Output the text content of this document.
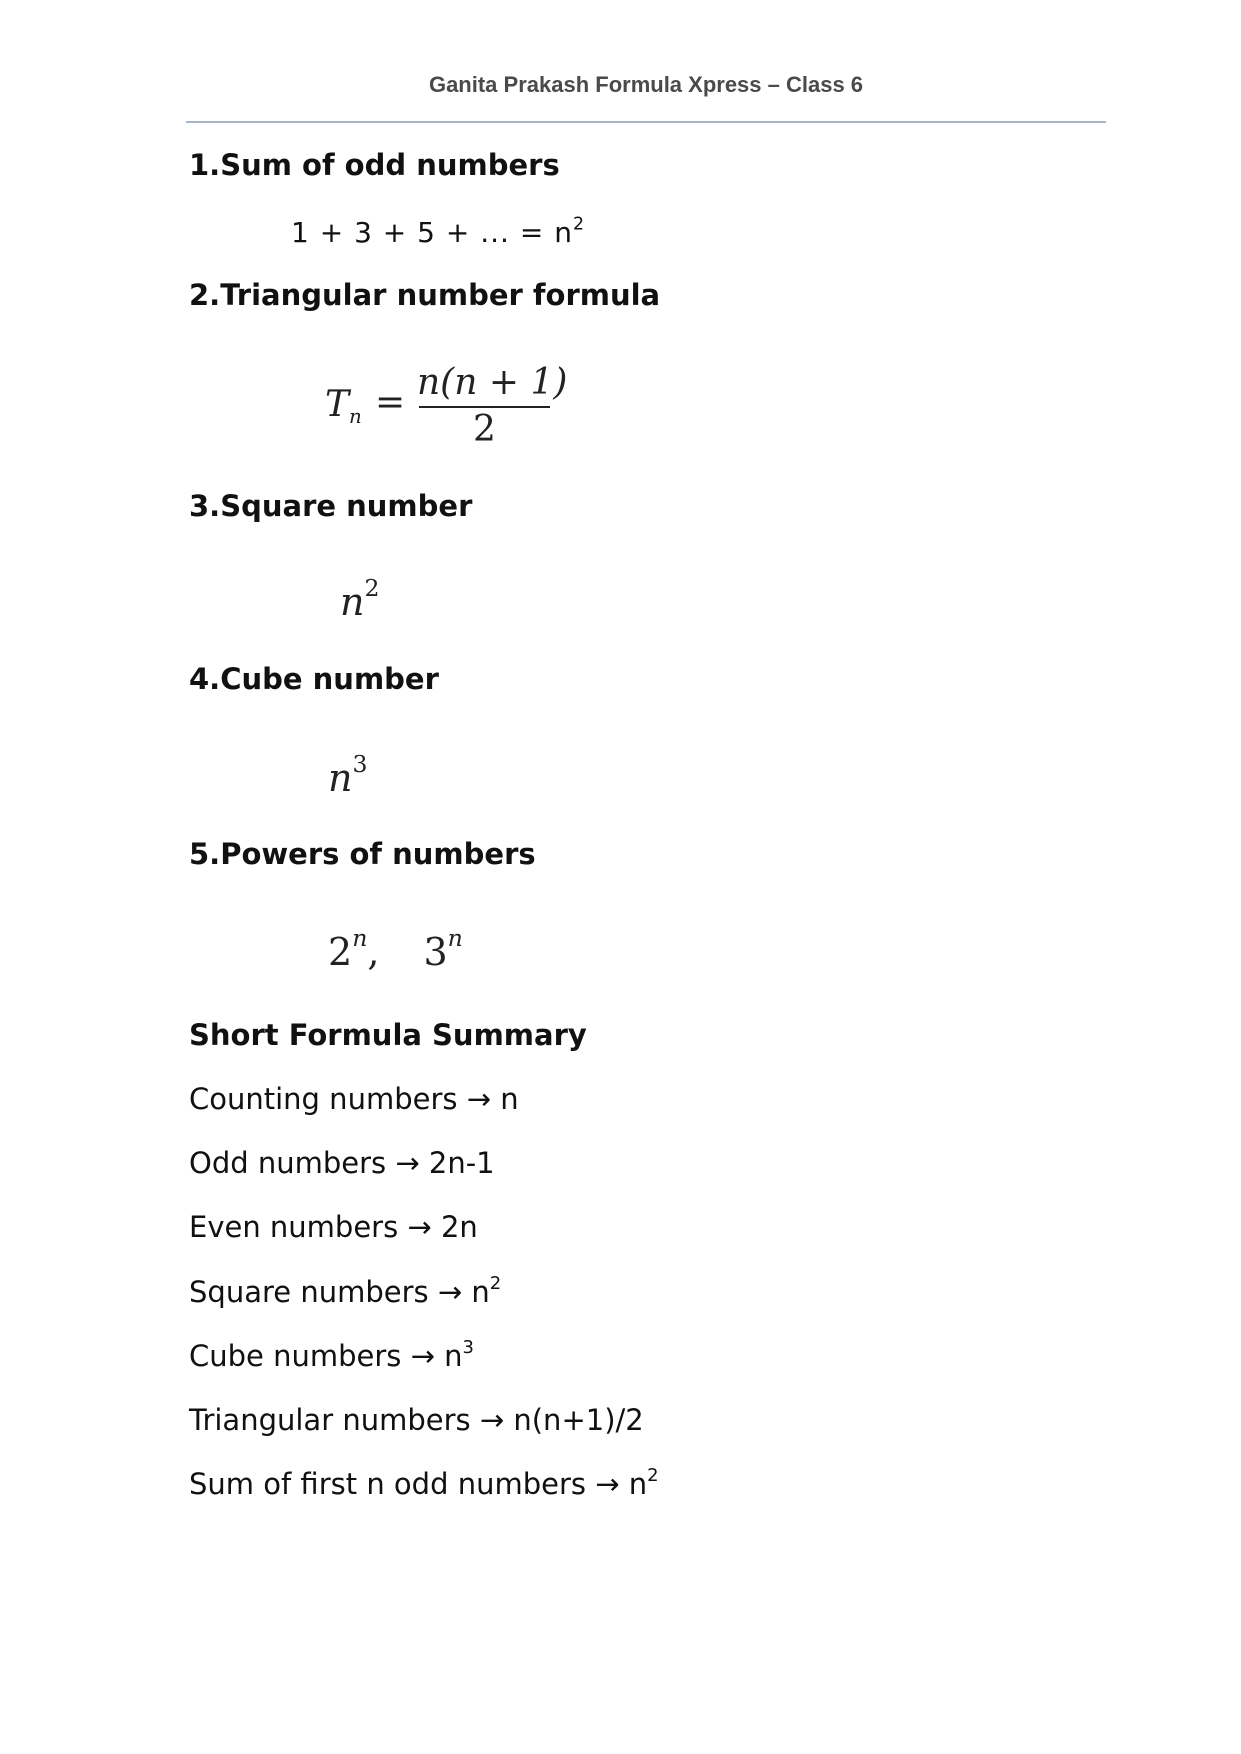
Ganita Prakash Formula Xpress – Class 6
1.Sum of odd numbers
1 + 3 + 5 + ... = $n^2$
2.Triangular number formula
$T_n = n(n + 1)$
2
3.Square number
$n^2$
4.Cube number
$n^3$
5.Powers of numbers
2$^n$, 3$^n$
Short Formula Summary
Counting numbers → n
Odd numbers → 2n-1
Even numbers → 2n
Square numbers → $n^2$
Cube numbers → $n^3$
Triangular numbers → n(n+1)/2
Sum of first n odd numbers → $n^2$
